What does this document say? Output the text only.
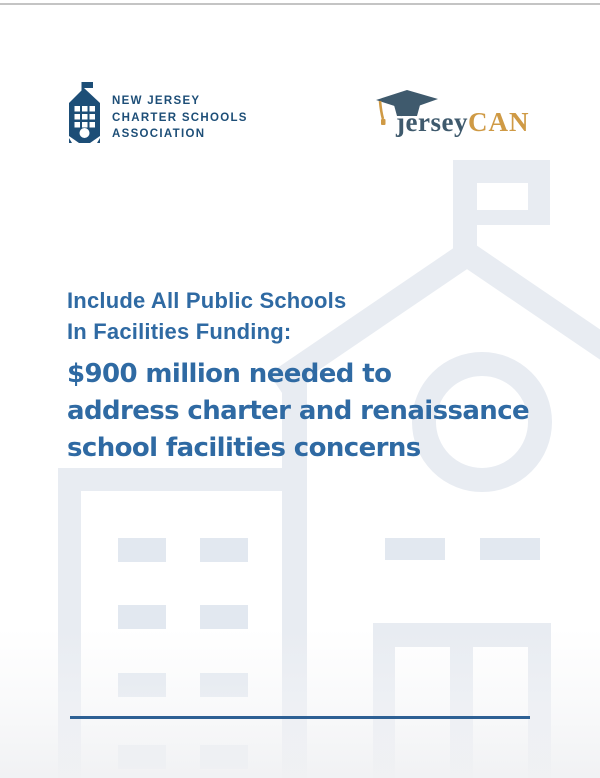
NEW JERSEY
CHARTER SCHOOLS
ASSOCIATION	jerseyCAN
Include All Public Schools
In Facilities Funding:
$900 million needed to
address charter and renaissance
school facilities concerns
